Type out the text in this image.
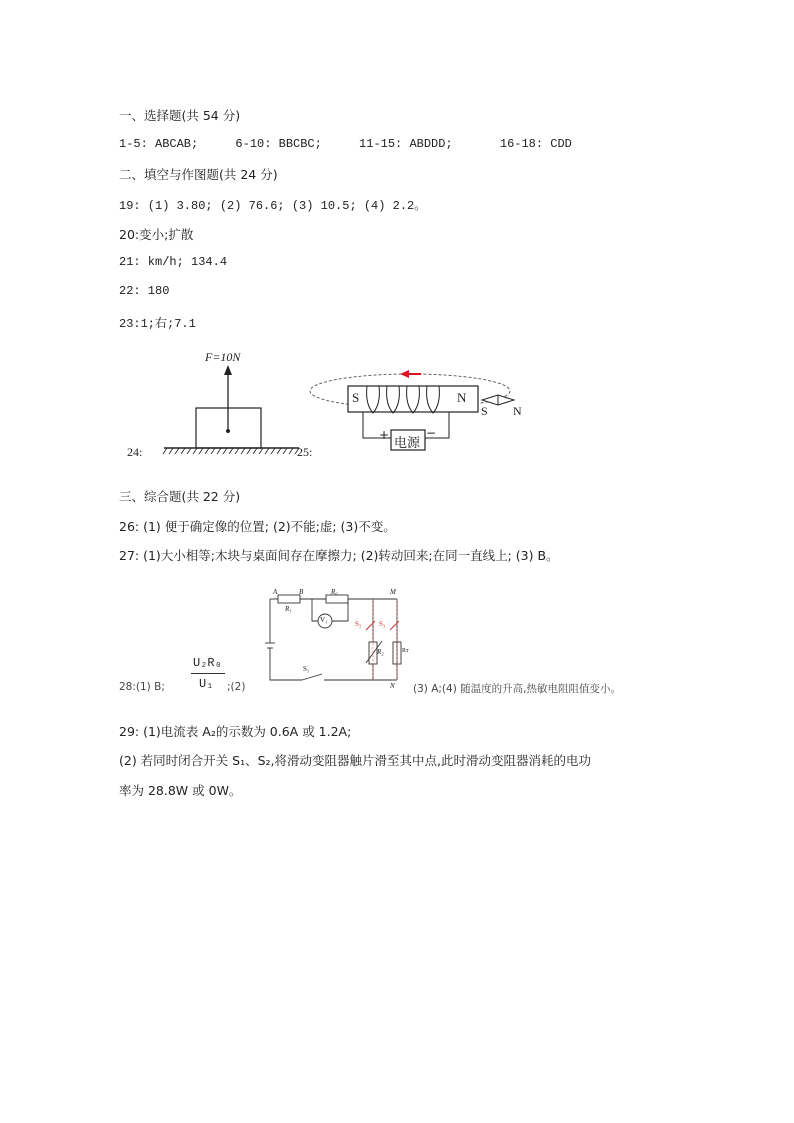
一、选择题(共 54 分)
1-5: ABCAB;	6-10: BBCBC;	11-15: ABDDD;	16-18: CDD
二、填空与作图题(共 24 分)
19: (1) 3.80; (2) 76.6; (3) 10.5; (4) 2.2。
20:变小;扩散
21: km/h; 134.4
22: 180
23:1;右;7.1
F=10N
24:
S	N
S N
+
电源
−
25:
三、综合题(共 22 分)
26: (1) 便于确定像的位置; (2)不能;虚; (3)不变。
27: (1)大小相等;木块与桌面间存在摩擦力; (2)转动回来;在同一直线上; (3) B。
A	B
R₁
R₀
V₁
M
S₂	S₃
R₂	Rт
S₁
N
28:(1) B;
U₂R₀
U₁ ;(2)	(3) A;(4) 随温度的升高,热敏电阻阻值变小。
29: (1)电流表 A₂的示数为 0.6A 或 1.2A;
(2) 若同时闭合开关 S₁、S₂,将滑动变阻器触片滑至其中点,此时滑动变阻器消耗的电功
率为 28.8W 或 0W。
